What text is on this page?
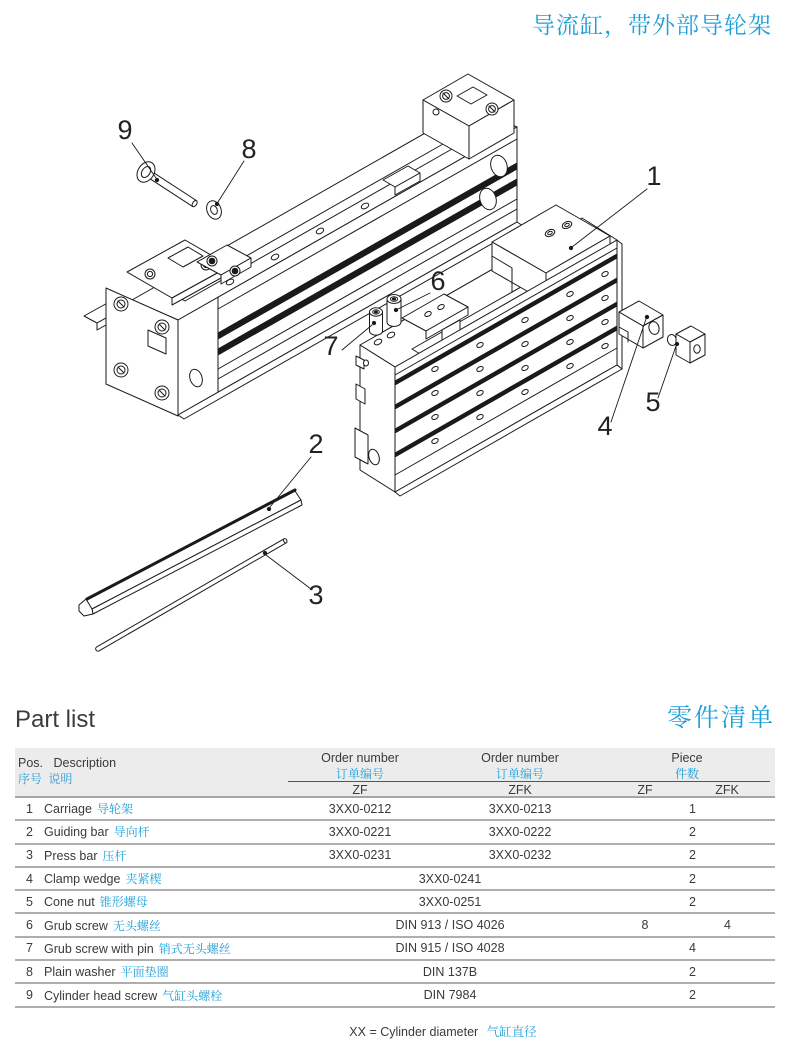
导流缸，带外部导轮架
9
8
1
6
7
4
5
2
3
Part list	零件清单
Pos. Description
序号 说明
Order number
订单编号
Order number
订单编号
Piece
件数
ZF	ZFK	ZF	ZFK
1 Carriage 导轮架	3XX0-0212	3XX0-0213	1
2 Guiding bar 导向杆	3XX0-0221	3XX0-0222	2
3 Press bar 压杆	3XX0-0231	3XX0-0232	2
4 Clamp wedge 夹紧楔	3XX0-0241	2
5 Cone nut 锥形螺母	3XX0-0251	2
6 Grub screw 无头螺丝	DIN 913 / ISO 4026	8	4
7 Grub screw with pin 销式无头螺丝	DIN 915 / ISO 4028	4
8 Plain washer 平面垫圈	DIN 137B	2
9 Cylinder head screw 气缸头螺栓	DIN 7984	2
XX = Cylinder diameter 气缸直径
